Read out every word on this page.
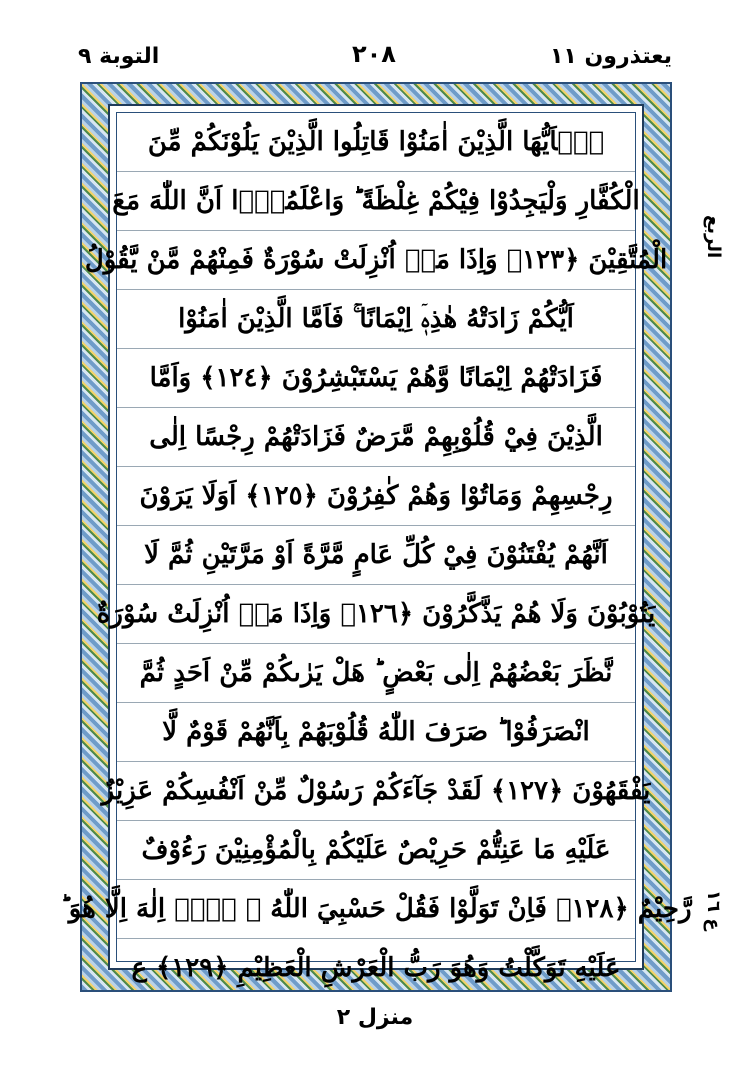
التوبة ٩	٢٠٨	يعتذرون ١١
يٰۤاَيُّهَا الَّذِيْنَ اٰمَنُوْا قَاتِلُوا الَّذِيْنَ يَلُوْنَكُمْ مِّنَ
الْكُفَّارِ وَلْيَجِدُوْا فِيْكُمْ غِلْظَةً ؕ وَاعْلَمُوْۤا اَنَّ اللّٰهَ مَعَ
الْمُتَّقِيْنَ ﴿١٢٣﴾ وَاِذَا مَاۤ اُنْزِلَتْ سُوْرَةٌ فَمِنْهُمْ مَّنْ يَّقُوْلُ
اَيُّكُمْ زَادَتْهُ هٰذِهٖۤ اِيْمَانًا ۚ فَاَمَّا الَّذِيْنَ اٰمَنُوْا
فَزَادَتْهُمْ اِيْمَانًا وَّهُمْ يَسْتَبْشِرُوْنَ ﴿١٢٤﴾ وَاَمَّا
الَّذِيْنَ فِيْ قُلُوْبِهِمْ مَّرَضٌ فَزَادَتْهُمْ رِجْسًا اِلٰى
رِجْسِهِمْ وَمَاتُوْا وَهُمْ كٰفِرُوْنَ ﴿١٢٥﴾ اَوَلَا يَرَوْنَ
اَنَّهُمْ يُفْتَنُوْنَ فِيْ كُلِّ عَامٍ مَّرَّةً اَوْ مَرَّتَيْنِ ثُمَّ لَا
يَتُوْبُوْنَ وَلَا هُمْ يَذَّكَّرُوْنَ ﴿١٢٦﴾ وَاِذَا مَاۤ اُنْزِلَتْ سُوْرَةٌ
نَّظَرَ بَعْضُهُمْ اِلٰى بَعْضٍ ؕ هَلْ يَرٰىكُمْ مِّنْ اَحَدٍ ثُمَّ
انْصَرَفُوْا ؕ صَرَفَ اللّٰهُ قُلُوْبَهُمْ بِاَنَّهُمْ قَوْمٌ لَّا
يَفْقَهُوْنَ ﴿١٢٧﴾ لَقَدْ جَآءَكُمْ رَسُوْلٌ مِّنْ اَنْفُسِكُمْ عَزِيْزٌ
عَلَيْهِ مَا عَنِتُّمْ حَرِيْصٌ عَلَيْكُمْ بِالْمُؤْمِنِيْنَ رَءُوْفٌ
رَّحِيْمٌ ﴿١٢٨﴾ فَاِنْ تَوَلَّوْا فَقُلْ حَسْبِيَ اللّٰهُ ۖ لَاۤ اِلٰهَ اِلَّا هُوَ ؕ
عَلَيْهِ تَوَكَّلْتُ وَهُوَ رَبُّ الْعَرْشِ الْعَظِيْمِ ﴿١٢٩﴾ ع
الربع
ع ١٦
منزل ٢
